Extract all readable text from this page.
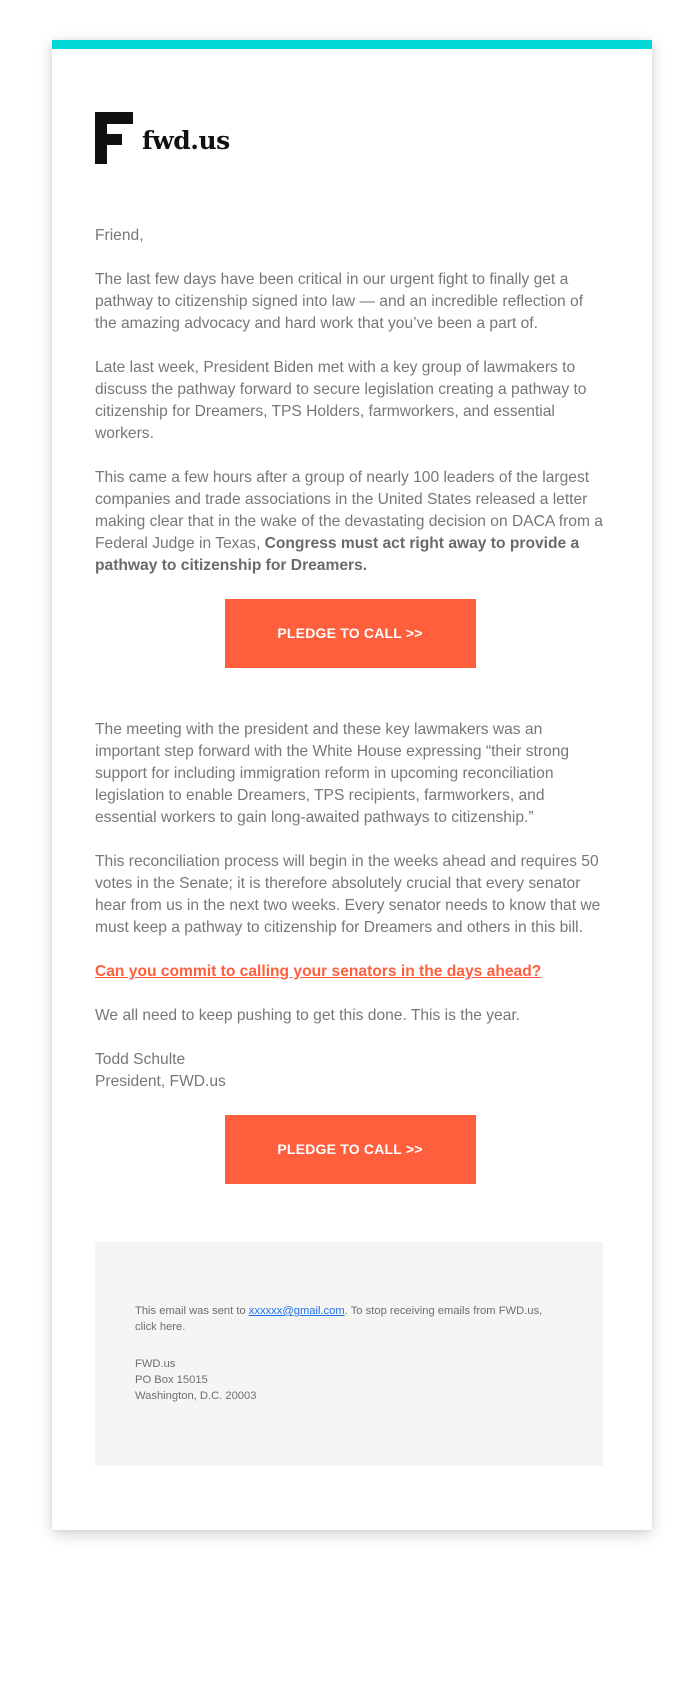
fwd.us

Friend,

The last few days have been critical in our urgent fight to finally get a pathway to citizenship signed into law — and an incredible reflection of the amazing advocacy and hard work that you’ve been a part of.

Late last week, President Biden met with a key group of lawmakers to discuss the pathway forward to secure legislation creating a pathway to citizenship for Dreamers, TPS Holders, farmworkers, and essential workers.

This came a few hours after a group of nearly 100 leaders of the largest companies and trade associations in the United States released a letter making clear that in the wake of the devastating decision on DACA from a Federal Judge in Texas, Congress must act right away to provide a pathway to citizenship for Dreamers.

PLEDGE TO CALL >>

The meeting with the president and these key lawmakers was an important step forward with the White House expressing “their strong support for including immigration reform in upcoming reconciliation legislation to enable Dreamers, TPS recipients, farmworkers, and essential workers to gain long-awaited pathways to citizenship.”

This reconciliation process will begin in the weeks ahead and requires 50 votes in the Senate; it is therefore absolutely crucial that every senator hear from us in the next two weeks. Every senator needs to know that we must keep a pathway to citizenship for Dreamers and others in this bill.

Can you commit to calling your senators in the days ahead?

We all need to keep pushing to get this done. This is the year.

Todd Schulte

President, FWD.us

PLEDGE TO CALL >>

This email was sent to xxxxxx@gmail.com. To stop receiving emails from FWD.us, click here.

FWD.us

PO Box 15015

Washington, D.C. 20003
